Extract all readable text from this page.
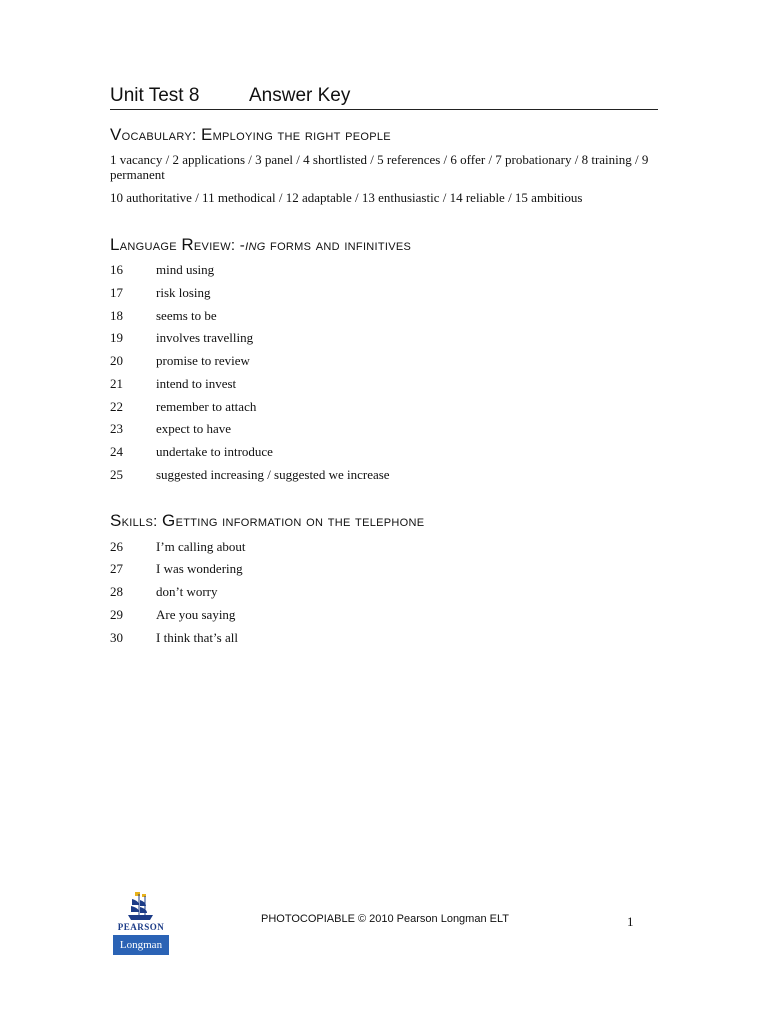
Unit Test 8	Answer Key
Vocabulary: Employing the right people
1 vacancy / 2 applications / 3 panel / 4 shortlisted / 5 references / 6 offer / 7 probationary / 8 training / 9 permanent
10 authoritative / 11 methodical / 12 adaptable / 13 enthusiastic / 14 reliable / 15 ambitious
Language Review: -ing forms and infinitives
16	mind using
17	risk losing
18	seems to be
19	involves travelling
20	promise to review
21	intend to invest
22	remember to attach
23	expect to have
24	undertake to introduce
25	suggested increasing / suggested we increase
Skills: Getting information on the telephone
26	I’m calling about
27	I was wondering
28	don’t worry
29	Are you saying
30	I think that’s all
PEARSON
Longman
PHOTOCOPIABLE © 2010 Pearson Longman ELT	1
